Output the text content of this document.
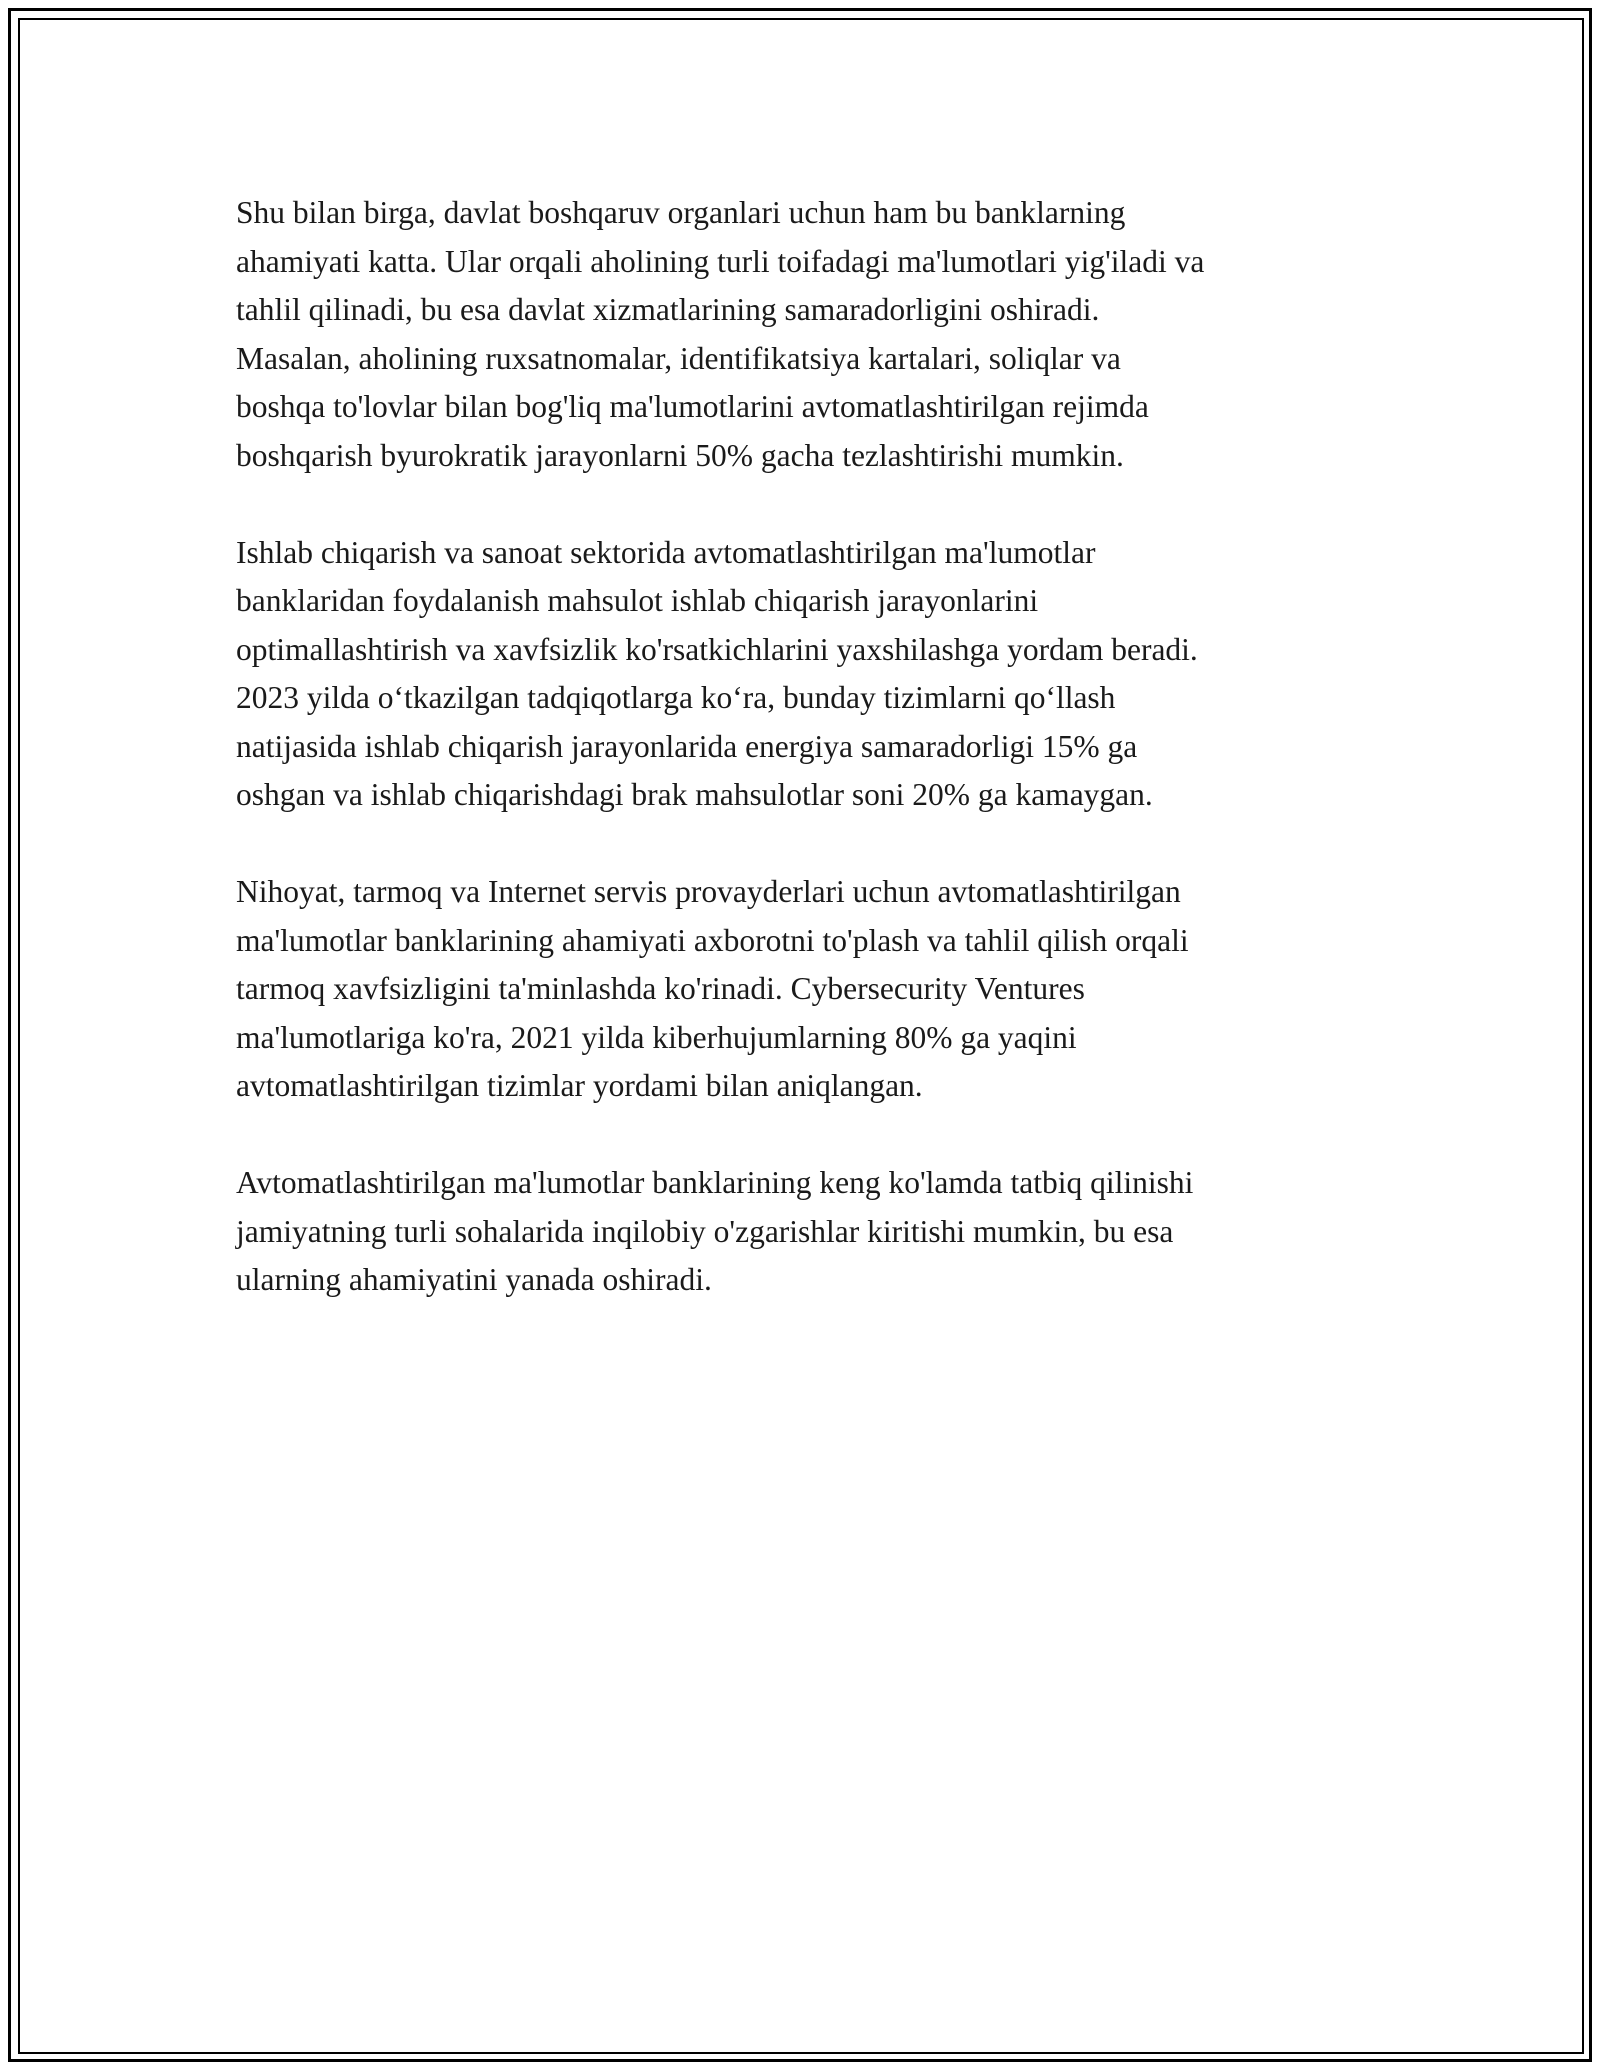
Shu bilan birga, davlat boshqaruv organlari uchun ham bu banklarning
ahamiyati katta. Ular orqali aholining turli toifadagi ma'lumotlari yig'iladi va
tahlil qilinadi, bu esa davlat xizmatlarining samaradorligini oshiradi.
Masalan, aholining ruxsatnomalar, identifikatsiya kartalari, soliqlar va
boshqa to'lovlar bilan bog'liq ma'lumotlarini avtomatlashtirilgan rejimda
boshqarish byurokratik jarayonlarni 50% gacha tezlashtirishi mumkin.

Ishlab chiqarish va sanoat sektorida avtomatlashtirilgan ma'lumotlar
banklaridan foydalanish mahsulot ishlab chiqarish jarayonlarini
optimallashtirish va xavfsizlik ko'rsatkichlarini yaxshilashga yordam beradi.
2023 yilda o‘tkazilgan tadqiqotlarga ko‘ra, bunday tizimlarni qo‘llash
natijasida ishlab chiqarish jarayonlarida energiya samaradorligi 15% ga
oshgan va ishlab chiqarishdagi brak mahsulotlar soni 20% ga kamaygan.

Nihoyat, tarmoq va Internet servis provayderlari uchun avtomatlashtirilgan
ma'lumotlar banklarining ahamiyati axborotni to'plash va tahlil qilish orqali
tarmoq xavfsizligini ta'minlashda ko'rinadi. Cybersecurity Ventures
ma'lumotlariga ko'ra, 2021 yilda kiberhujumlarning 80% ga yaqini
avtomatlashtirilgan tizimlar yordami bilan aniqlangan.

Avtomatlashtirilgan ma'lumotlar banklarining keng ko'lamda tatbiq qilinishi
jamiyatning turli sohalarida inqilobiy o'zgarishlar kiritishi mumkin, bu esa
ularning ahamiyatini yanada oshiradi.
